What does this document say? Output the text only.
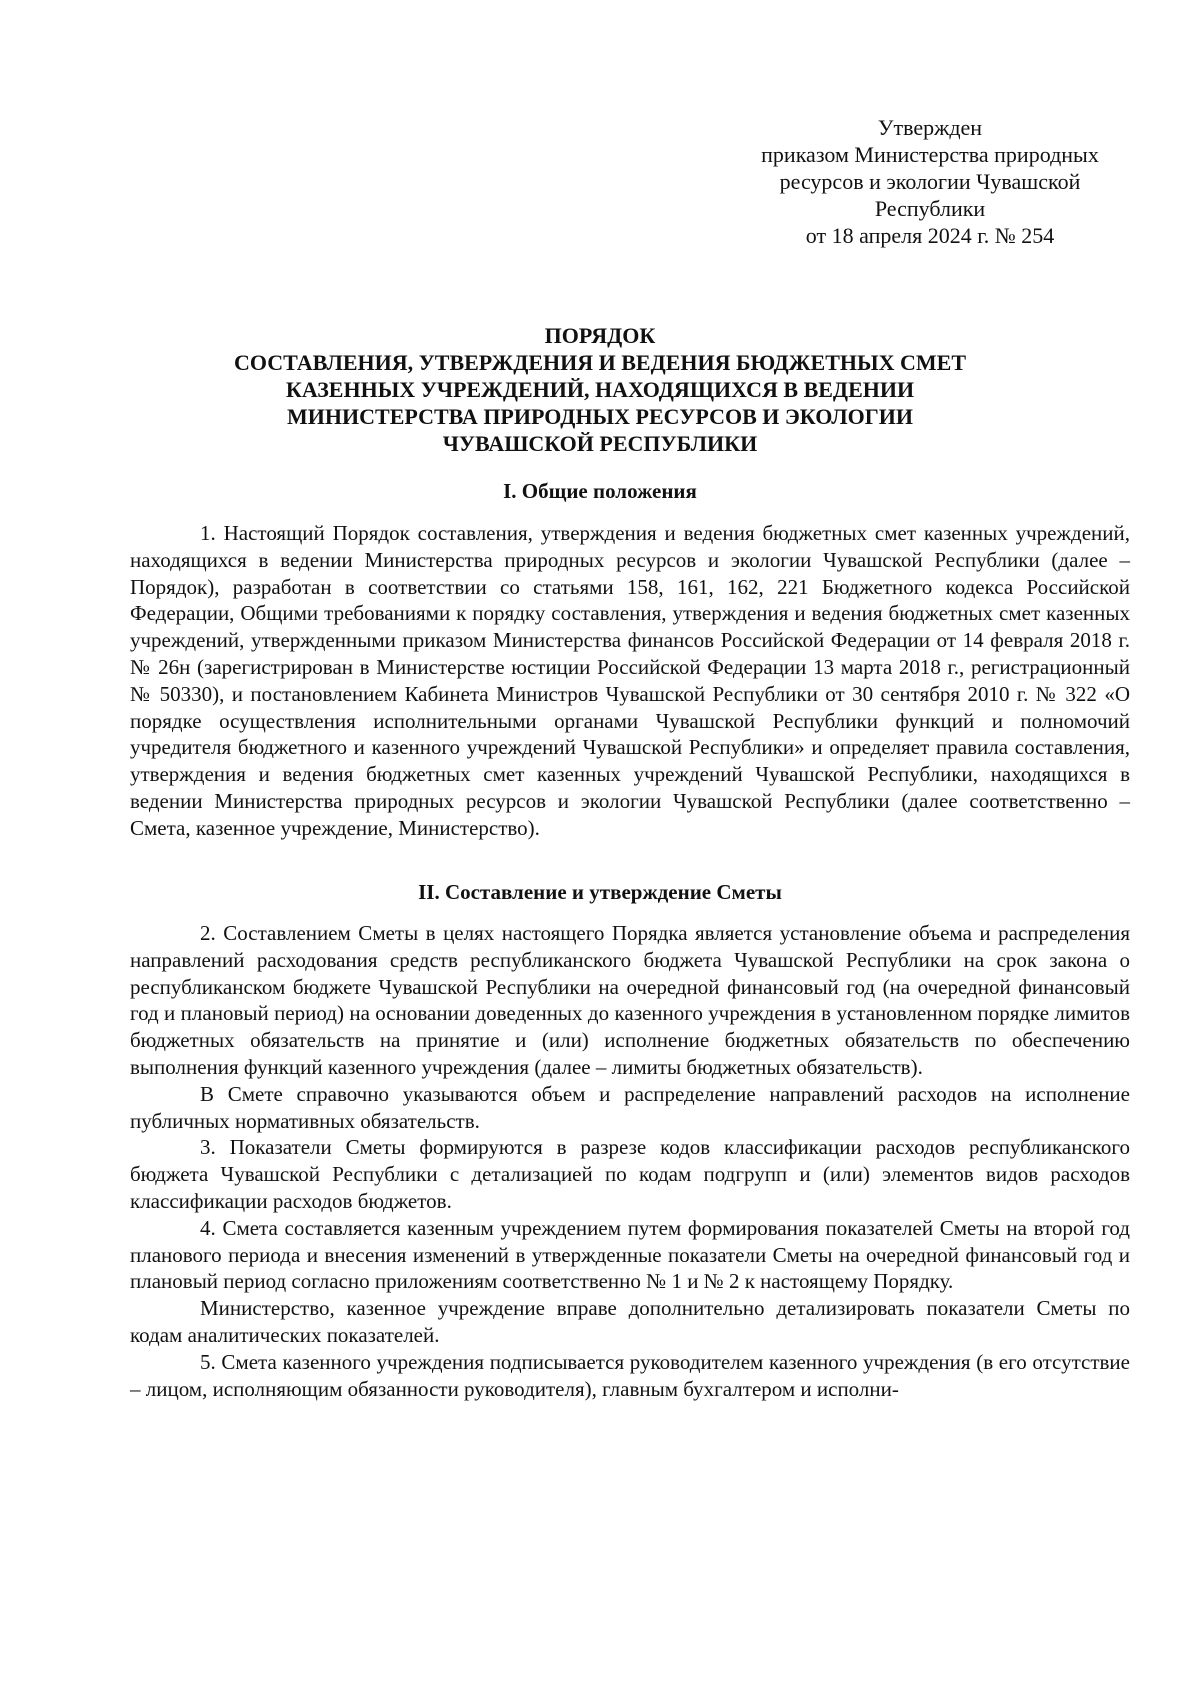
Утвержден
приказом Министерства природных
ресурсов и экологии Чувашской
Республики
от 18 апреля 2024 г. № 254
ПОРЯДОК
СОСТАВЛЕНИЯ, УТВЕРЖДЕНИЯ И ВЕДЕНИЯ БЮДЖЕТНЫХ СМЕТ
КАЗЕННЫХ УЧРЕЖДЕНИЙ, НАХОДЯЩИХСЯ В ВЕДЕНИИ
МИНИСТЕРСТВА ПРИРОДНЫХ РЕСУРСОВ И ЭКОЛОГИИ
ЧУВАШСКОЙ РЕСПУБЛИКИ
I. Общие положения

1. Настоящий Порядок составления, утверждения и ведения бюджетных смет казенных учреждений, находящихся в ведении Министерства природных ресурсов и экологии Чувашской Республики (далее – Порядок), разработан в соответствии со статьями 158, 161, 162, 221 Бюджетного кодекса Российской Федерации, Общими требованиями к порядку составления, утверждения и ведения бюджетных смет казенных учреждений, утвержденными приказом Министерства финансов Российской Федерации от 14 февраля 2018 г. № 26н (зарегистрирован в Министерстве юстиции Российской Федерации 13 марта 2018 г., регистрационный № 50330), и постановлением Кабинета Министров Чувашской Республики от 30 сентября 2010 г. № 322 «О порядке осуществления исполнительными органами Чувашской Республики функций и полномочий учредителя бюджетного и казенного учреждений Чувашской Республики» и определяет правила составления, утверждения и ведения бюджетных смет казенных учреждений Чувашской Республики, находящихся в ведении Министерства природных ресурсов и экологии Чувашской Республики (далее соответственно – Смета, казенное учреждение, Министерство).

II. Составление и утверждение Сметы

2. Составлением Сметы в целях настоящего Порядка является установление объема и распределения направлений расходования средств республиканского бюджета Чувашской Республики на срок закона о республиканском бюджете Чувашской Республики на очередной финансовый год (на очередной финансовый год и плановый период) на основании доведенных до казенного учреждения в установленном порядке лимитов бюджетных обязательств на принятие и (или) исполнение бюджетных обязательств по обеспечению выполнения функций казенного учреждения (далее – лимиты бюджетных обязательств).

В Смете справочно указываются объем и распределение направлений расходов на исполнение публичных нормативных обязательств.

3. Показатели Сметы формируются в разрезе кодов классификации расходов республиканского бюджета Чувашской Республики с детализацией по кодам подгрупп и (или) элементов видов расходов классификации расходов бюджетов.

4. Смета составляется казенным учреждением путем формирования показателей Сметы на второй год планового периода и внесения изменений в утвержденные показатели Сметы на очередной финансовый год и плановый период согласно приложениям соответственно № 1 и № 2 к настоящему Порядку.

Министерство, казенное учреждение вправе дополнительно детализировать показатели Сметы по кодам аналитических показателей.

5. Смета казенного учреждения подписывается руководителем казенного учреждения (в его отсутствие – лицом, исполняющим обязанности руководителя), главным бухгалтером и исполни-
